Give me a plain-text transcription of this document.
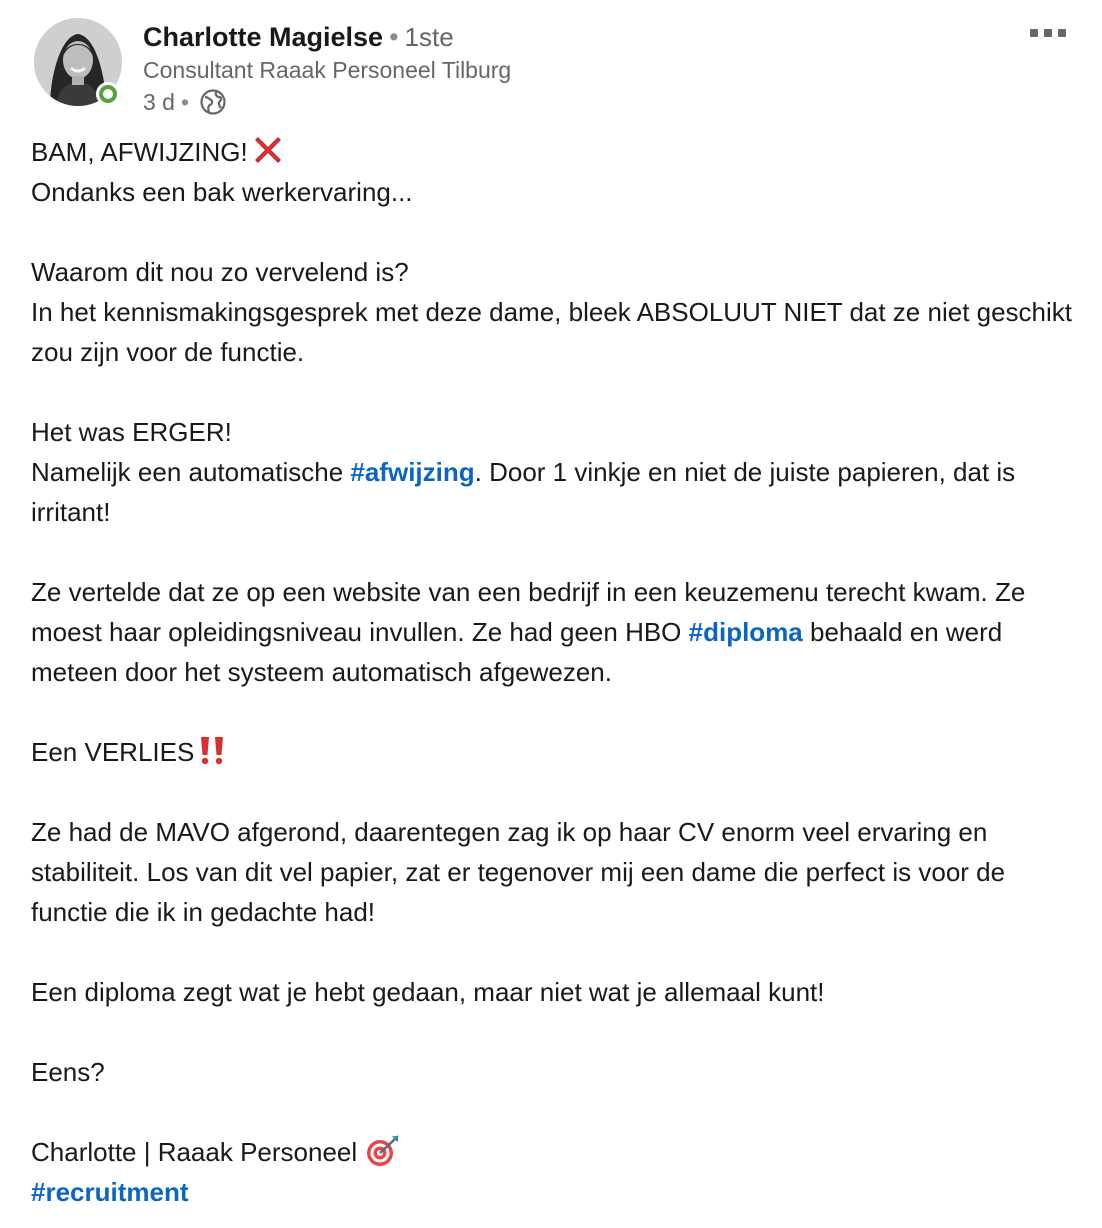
Charlotte Magielse • 1ste
Consultant Raaak Personeel Tilburg
3 d •

BAM, AFWIJZING!

Ondanks een bak werkervaring...

Waarom dit nou zo vervelend is?

In het kennismakingsgesprek met deze dame, bleek ABSOLUUT NIET dat ze niet geschikt zou zijn voor de functie.

Het was ERGER!

Namelijk een automatische #afwijzing. Door 1 vinkje en niet de juiste papieren, dat is irritant!

Ze vertelde dat ze op een website van een bedrijf in een keuzemenu terecht kwam. Ze moest haar opleidingsniveau invullen. Ze had geen HBO #diploma behaald en werd meteen door het systeem automatisch afgewezen.

Een VERLIES

Ze had de MAVO afgerond, daarentegen zag ik op haar CV enorm veel ervaring en stabiliteit. Los van dit vel papier, zat er tegenover mij een dame die perfect is voor de functie die ik in gedachte had!

Een diploma zegt wat je hebt gedaan, maar niet wat je allemaal kunt!

Eens?

Charlotte | Raaak Personeel

#recruitment
